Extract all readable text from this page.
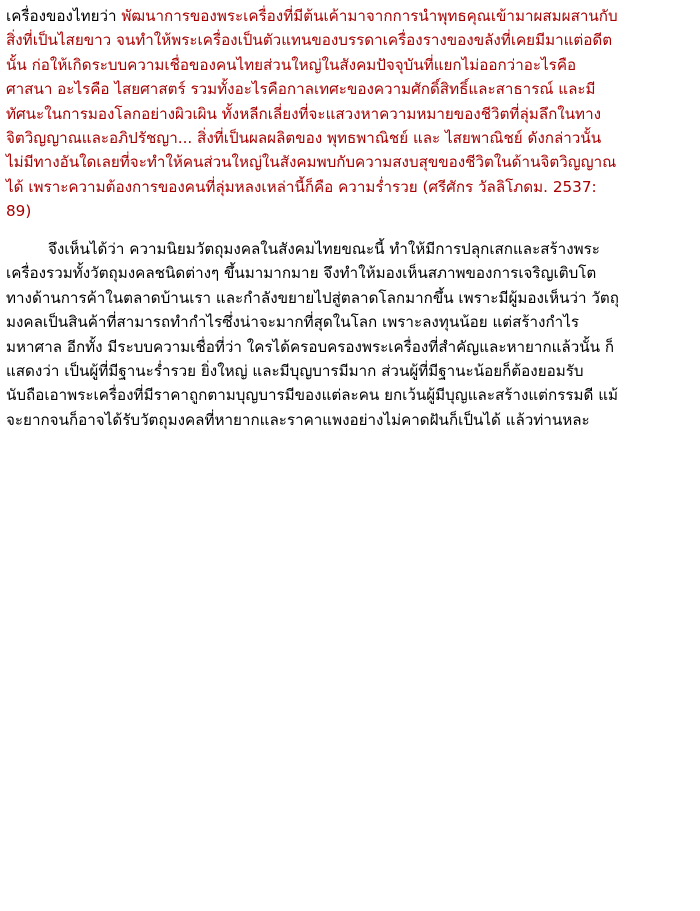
เครื่องของไทยว่า พัฒนาการของพระเครื่องที่มีต้นเค้ามาจากการนำพุทธคุณเข้ามาผสมผสานกับ
สิ่งที่เป็นไสยขาว จนทำให้พระเครื่องเป็นตัวแทนของบรรดาเครื่องรางของขลังที่เคยมีมาแต่อดีต
นั้น ก่อให้เกิดระบบความเชื่อของคนไทยส่วนใหญ่ในสังคมปัจจุบันที่แยกไม่ออกว่าอะไรคือ
ศาสนา อะไรคือ ไสยศาสตร์ รวมทั้งอะไรคือกาลเทศะของความศักดิ์สิทธิ์และสาธารณ์ และมี
ทัศนะในการมองโลกอย่างผิวเผิน ทั้งหลีกเลี่ยงที่จะแสวงหาความหมายของชีวิตที่ลุ่มลึกในทาง
จิตวิญญาณและอภิปรัชญา... สิ่งที่เป็นผลผลิตของ พุทธพาณิชย์ และ ไสยพาณิชย์ ดังกล่าวนั้น
ไม่มีทางอันใดเลยที่จะทำให้คนส่วนใหญ่ในสังคมพบกับความสงบสุขของชีวิตในด้านจิตวิญญาณ
ได้ เพราะความต้องการของคนที่ลุ่มหลงเหล่านี้ก็คือ ความร่ำรวย (ศรีศักร วัลลิโภดม. 2537:
89)
จึงเห็นได้ว่า ความนิยมวัตถุมงคลในสังคมไทยขณะนี้ ทำให้มีการปลุกเสกและสร้างพระ
เครื่องรวมทั้งวัตถุมงคลชนิดต่างๆ ขึ้นมามากมาย จึงทำให้มองเห็นสภาพของการเจริญเติบโต
ทางด้านการค้าในตลาดบ้านเรา และกำลังขยายไปสู่ตลาดโลกมากขึ้น เพราะมีผู้มองเห็นว่า วัตถุ
มงคลเป็นสินค้าที่สามารถทำกำไรซึ่งน่าจะมากที่สุดในโลก เพราะลงทุนน้อย แต่สร้างกำไร
มหาศาล อีกทั้ง มีระบบความเชื่อที่ว่า ใครได้ครอบครองพระเครื่องที่สำคัญและหายากแล้วนั้น ก็
แสดงว่า เป็นผู้ที่มีฐานะร่ำรวย ยิ่งใหญ่ และมีบุญบารมีมาก ส่วนผู้ที่มีฐานะน้อยก็ต้องยอมรับ
นับถือเอาพระเครื่องที่มีราคาถูกตามบุญบารมีของแต่ละคน ยกเว้นผู้มีบุญและสร้างแต่กรรมดี แม้
จะยากจนก็อาจได้รับวัตถุมงคลที่หายากและราคาแพงอย่างไม่คาดฝันก็เป็นได้ แล้วท่านหละ
